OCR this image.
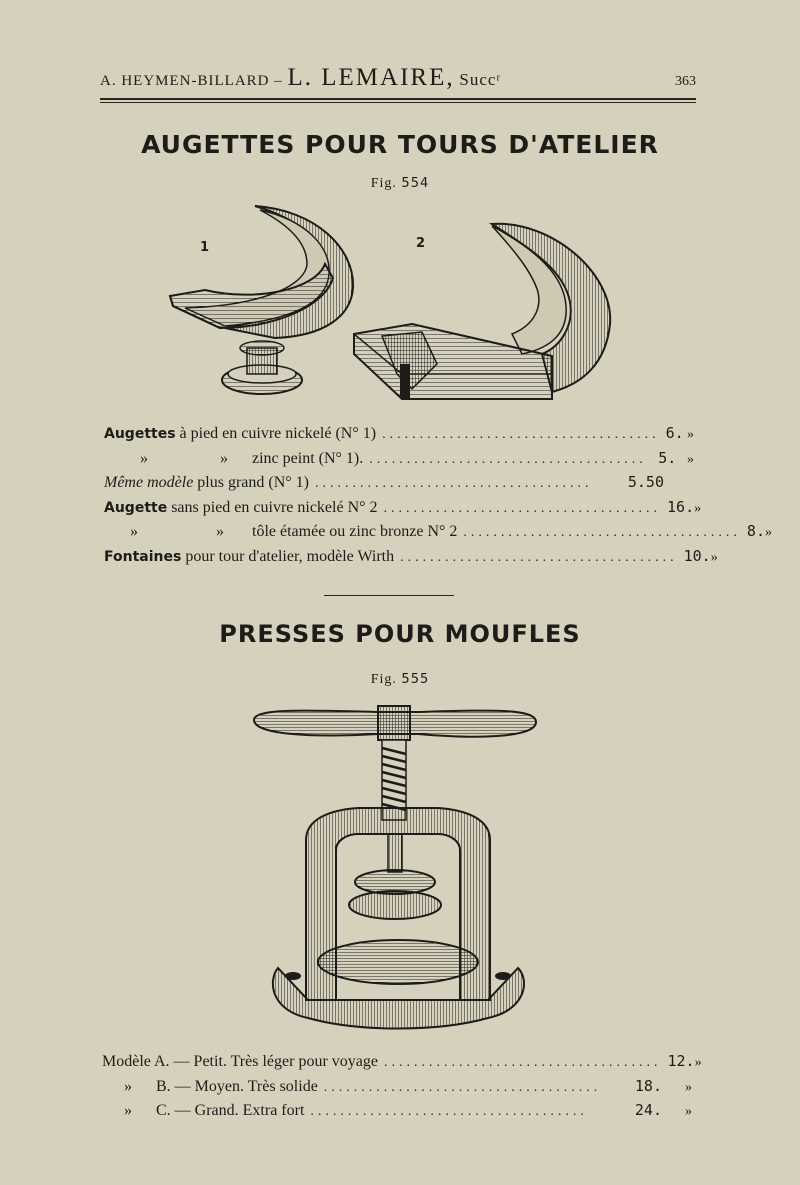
A. HEYMEN-BILLARD – L. LEMAIRE, Succʳ	363
AUGETTES POUR TOURS D'ATELIER
Fig. 554
1	2
Augettes à pied en cuivre nickelé (N° 1) ..................................... 6. »
»	» zinc peint (N° 1). ..................................... 5. »
Même modèle plus grand (N° 1) .....................................	5.50
Augette sans pied en cuivre nickelé N° 2 ..................................... 16. »
»	» tôle étamée ou zinc bronze N° 2 ..................................... 8. »
Fontaines pour tour d'atelier, modèle Wirth ..................................... 10. »
PRESSES POUR MOUFLES
Fig. 555
Modèle A. — Petit. Très léger pour voyage ..................................... 12. »
» B. — Moyen. Très solide .....................................	18.	»
» C. — Grand. Extra fort .....................................	24.	»
